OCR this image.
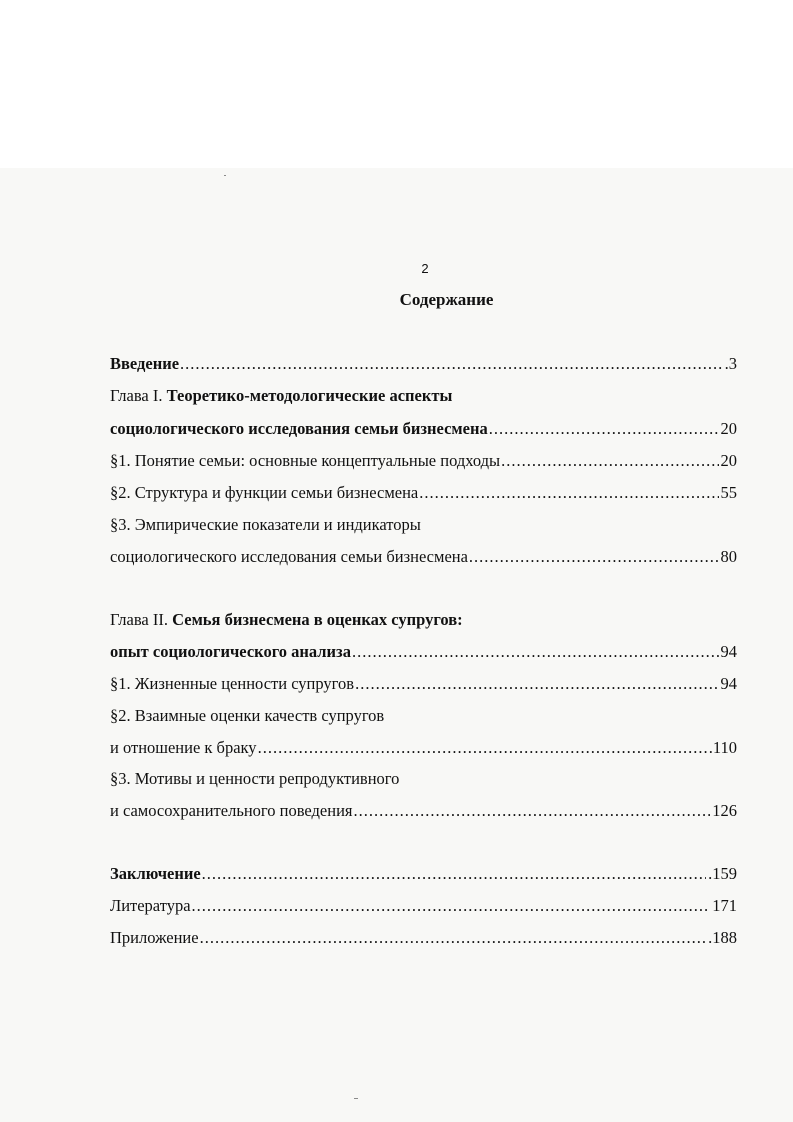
2
Содержание
Введение .....	.3
Глава I.
Теоретико-методологические аспекты
социологического исследования семьи бизнесмена .....	20
§1. Понятие семьи: основные концептуальные подходы .....	20
§2. Структура и функции семьи бизнесмена .....	55
§3. Эмпирические показатели и индикаторы
социологического исследования семьи бизнесмена .....	80
Глава II.
Семья бизнесмена в оценках супругов:
опыт социологического анализа .....	94
§1. Жизненные ценности супругов .....	94
§2. Взаимные оценки качеств супругов
и отношение к браку .....	.110
§3. Мотивы и ценности репродуктивного
и самосохранительного поведения .....	126
Заключение .....	.159
Литература .....	171
Приложение .....	.188
